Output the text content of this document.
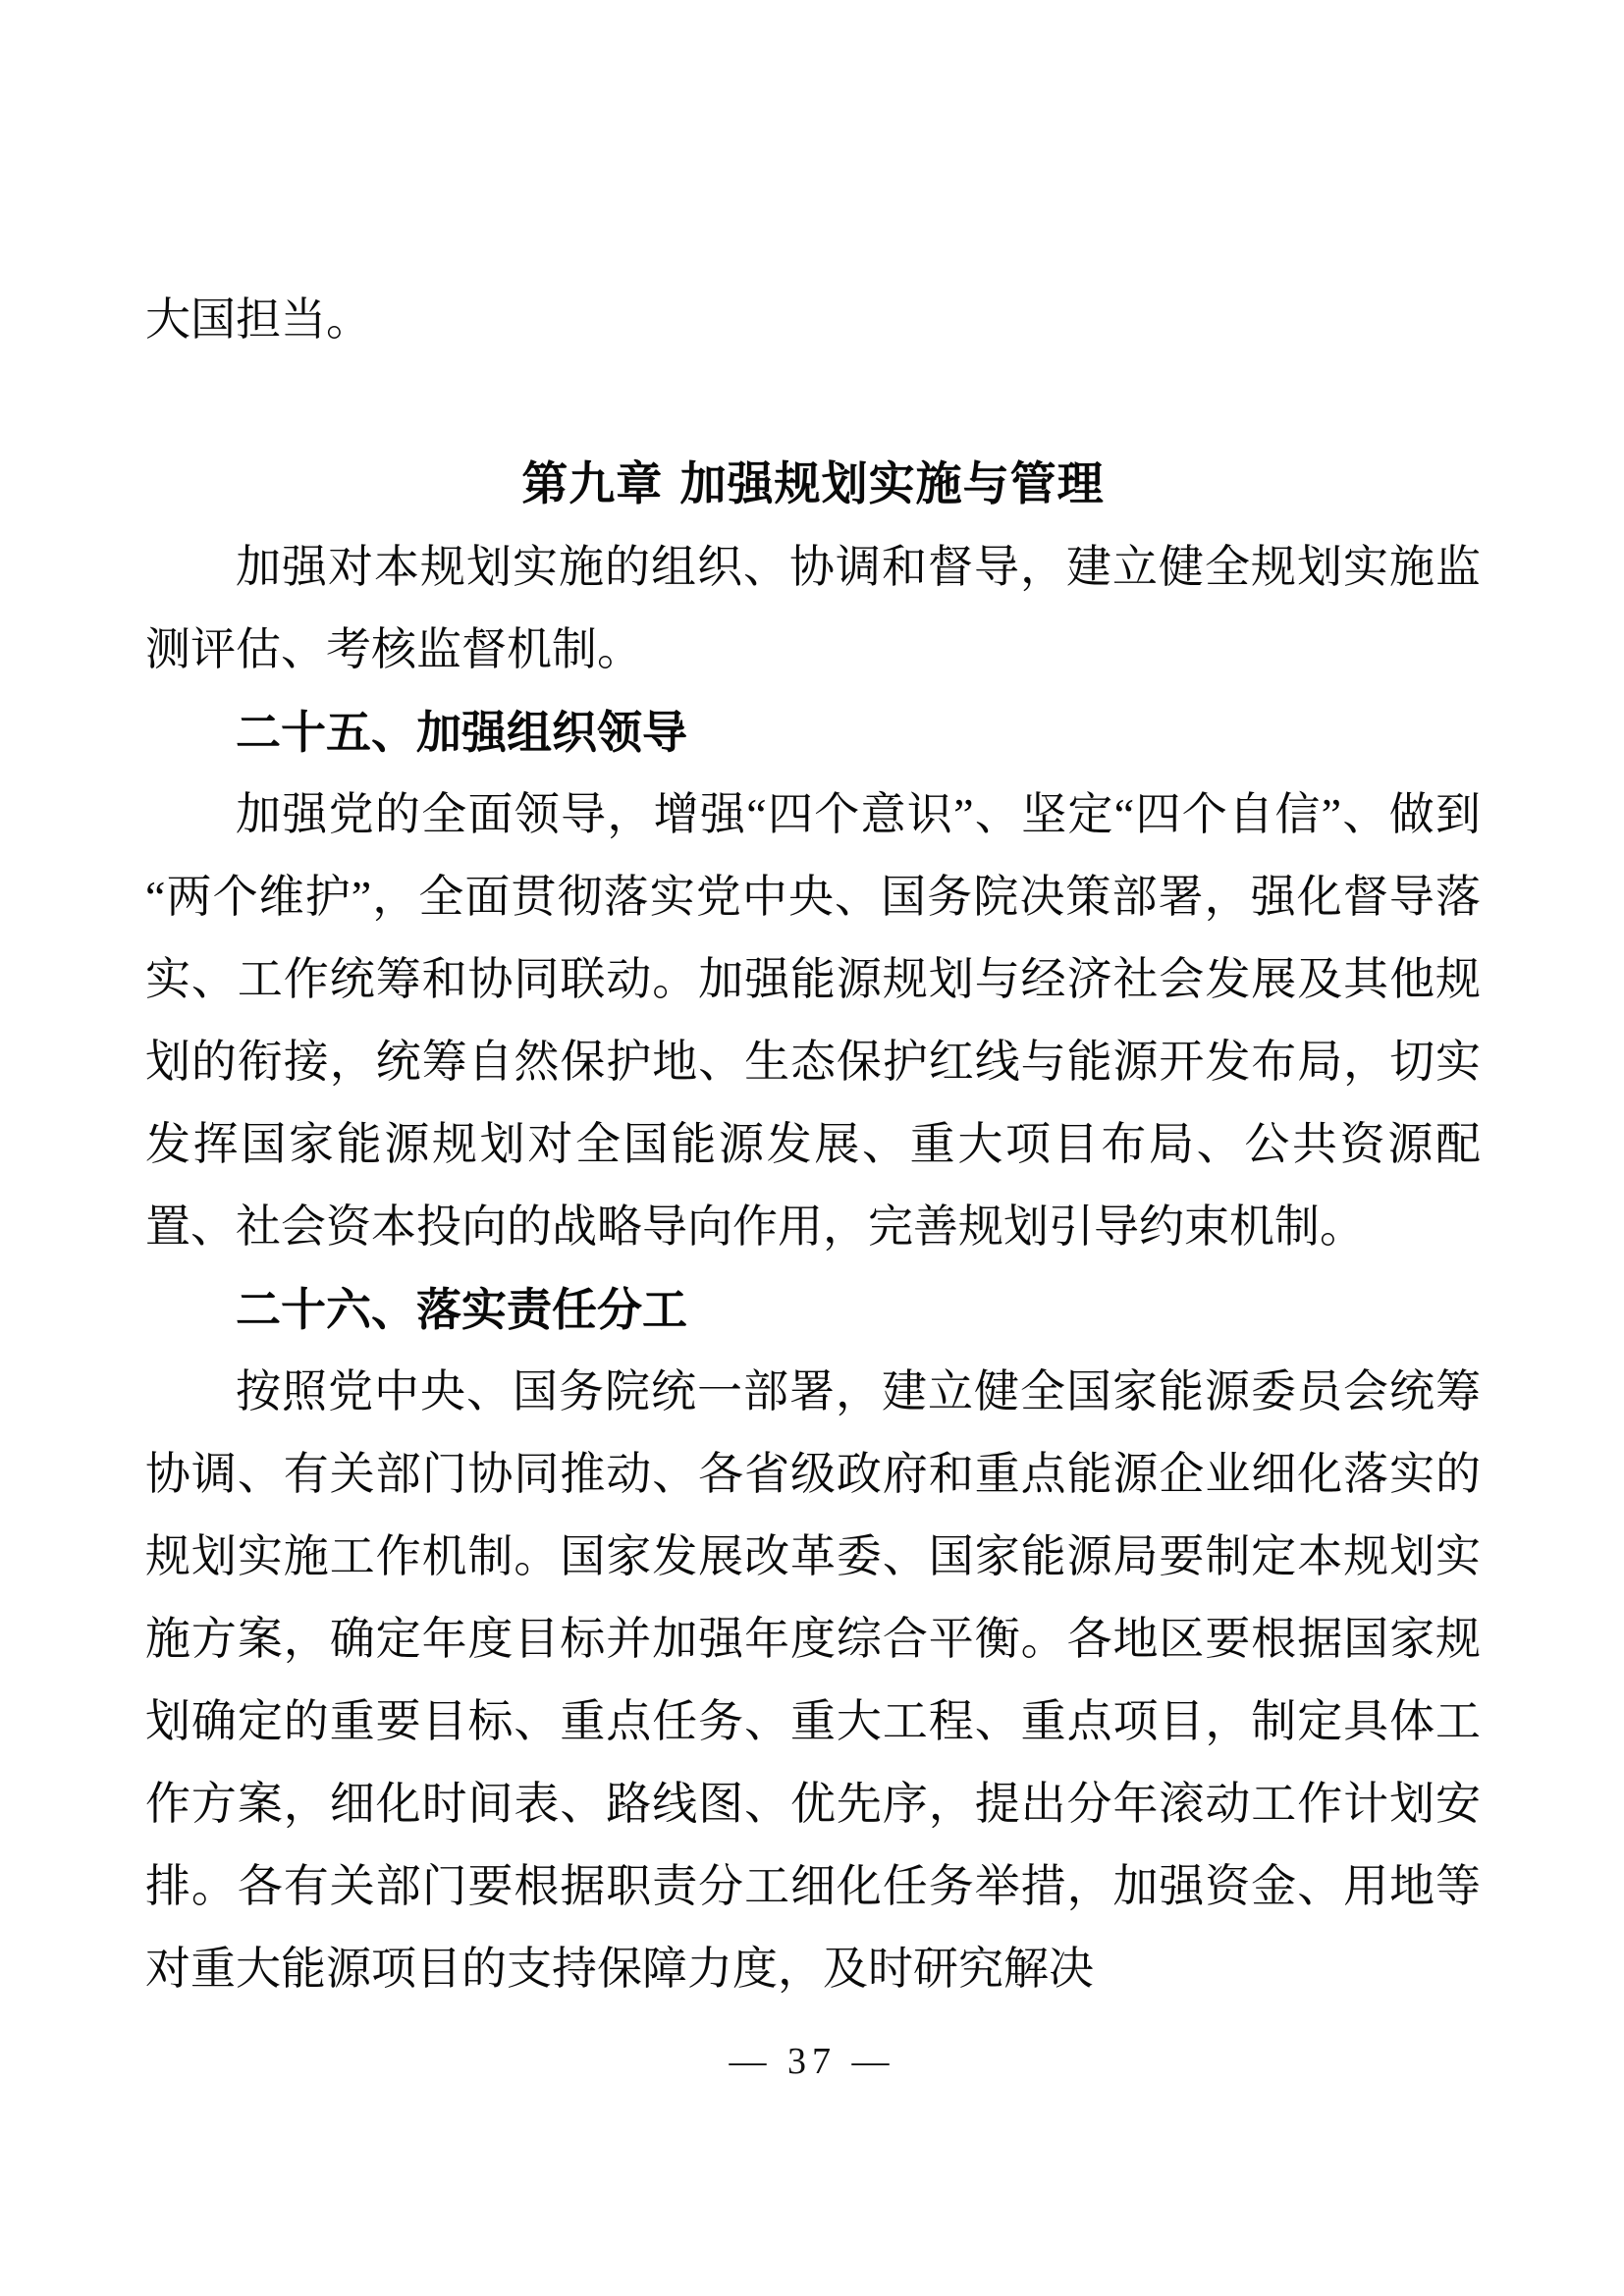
大国担当。

第九章 加强规划实施与管理

加强对本规划实施的组织、协调和督导，建立健全规划实施监测评估、考核监督机制。

二十五、加强组织领导

加强党的全面领导，增强“四个意识”、坚定“四个自信”、做到“两个维护”，全面贯彻落实党中央、国务院决策部署，强化督导落实、工作统筹和协同联动。加强能源规划与经济社会发展及其他规划的衔接，统筹自然保护地、生态保护红线与能源开发布局，切实发挥国家能源规划对全国能源发展、重大项目布局、公共资源配置、社会资本投向的战略导向作用，完善规划引导约束机制。

二十六、落实责任分工

按照党中央、国务院统一部署，建立健全国家能源委员会统筹协调、有关部门协同推动、各省级政府和重点能源企业细化落实的规划实施工作机制。国家发展改革委、国家能源局要制定本规划实施方案，确定年度目标并加强年度综合平衡。各地区要根据国家规划确定的重要目标、重点任务、重大工程、重点项目，制定具体工作方案，细化时间表、路线图、优先序，提出分年滚动工作计划安排。各有关部门要根据职责分工细化任务举措，加强资金、用地等对重大能源项目的支持保障力度，及时研究解决

— 37 —
